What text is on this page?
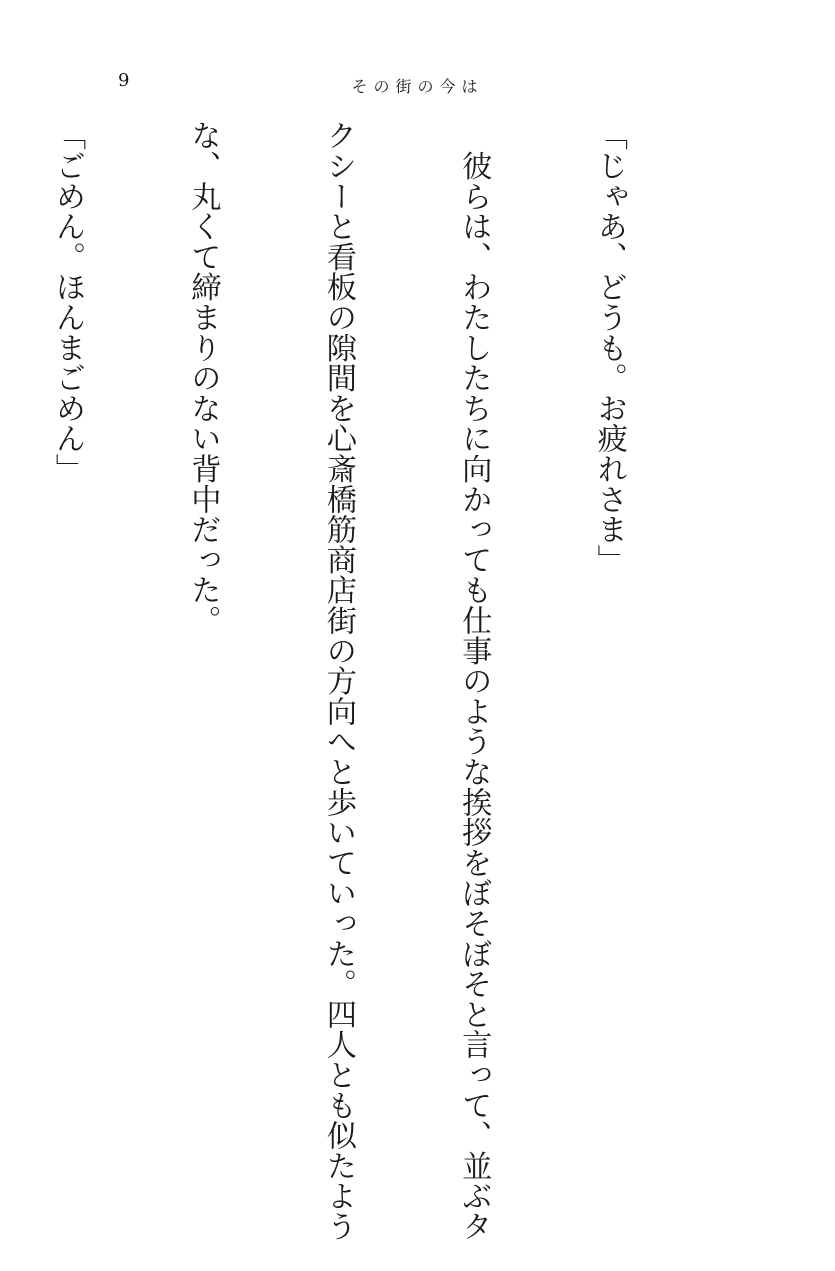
9	その街の今は

「じゃあ、どうも。お疲れさま」

　彼らは、わたしたちに向かっても仕事のような挨拶をぼそぼそと言って、並ぶタ

クシーと看板の隙間を心斎橋筋商店街の方向へと歩いていった。四人とも似たよう

な、丸くて締まりのない背中だった。

「ごめん。ほんまごめん」
